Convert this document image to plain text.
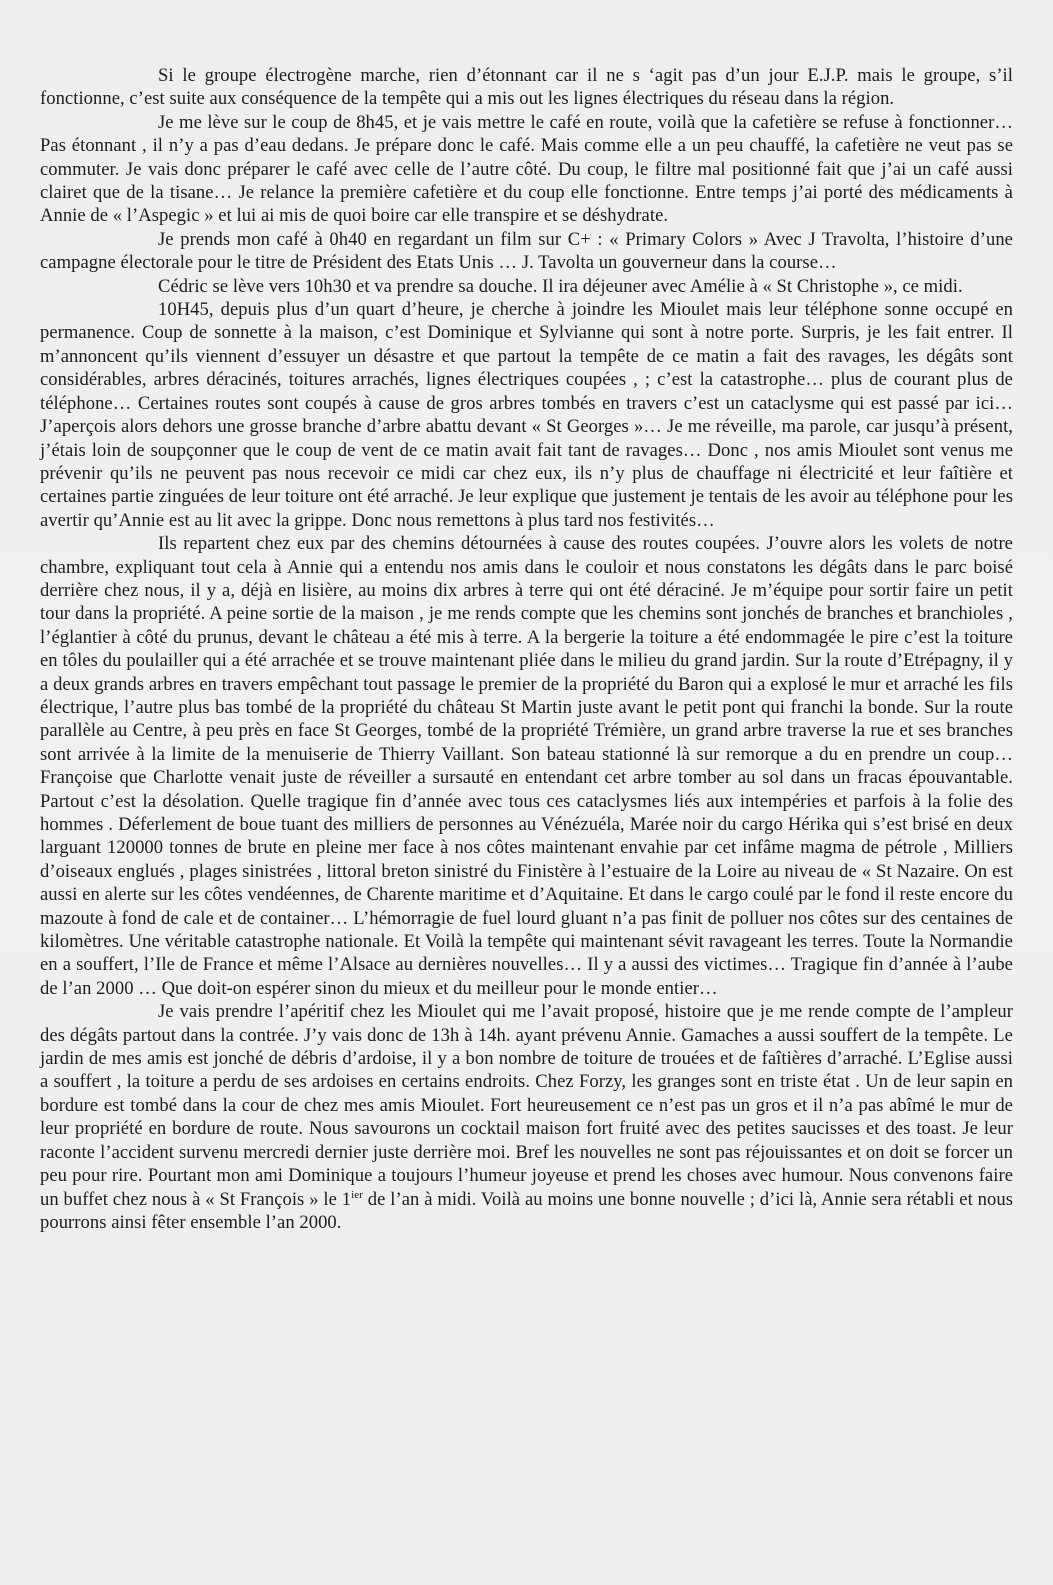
Si le groupe électrogène marche, rien d’étonnant car il ne s ‘agit pas d’un jour E.J.P. mais le groupe, s’il fonctionne, c’est suite aux conséquence de la tempête qui a mis out les lignes électriques du réseau dans la région.

Je me lève sur le coup de 8h45, et je vais mettre le café en route, voilà que la cafetière se refuse à fonctionner… Pas étonnant , il n’y a pas d’eau dedans. Je prépare donc le café. Mais comme elle a un peu chauffé, la cafetière ne veut pas se commuter. Je vais donc préparer le café avec celle de l’autre côté. Du coup, le filtre mal positionné fait que j’ai un café aussi clairet que de la tisane… Je relance la première cafetière et du coup elle fonctionne. Entre temps j’ai porté des médicaments à Annie de « l’Aspegic » et lui ai mis de quoi boire car elle transpire et se déshydrate.

Je prends mon café à 0h40 en regardant un film sur C+ : « Primary Colors » Avec J Travolta, l’histoire d’une campagne électorale pour le titre de Président des Etats Unis … J. Tavolta un gouverneur dans la course…

Cédric se lève vers 10h30 et va prendre sa douche. Il ira déjeuner avec Amélie à « St Christophe », ce midi.

10H45, depuis plus d’un quart d’heure, je cherche à joindre les Mioulet mais leur téléphone sonne occupé en permanence. Coup de sonnette à la maison, c’est Dominique et Sylvianne qui sont à notre porte. Surpris, je les fait entrer. Il m’annoncent qu’ils viennent d’essuyer un désastre et que partout la tempête de ce matin a fait des ravages, les dégâts sont considérables, arbres déracinés, toitures arrachés, lignes électriques coupées , ; c’est la catastrophe… plus de courant plus de téléphone… Certaines routes sont coupés à cause de gros arbres tombés en travers c’est un cataclysme qui est passé par ici… J’aperçois alors dehors une grosse branche d’arbre abattu devant « St Georges »… Je me réveille, ma parole, car jusqu’à présent, j’étais loin de soupçonner que le coup de vent de ce matin avait fait tant de ravages… Donc , nos amis Mioulet sont venus me prévenir qu’ils ne peuvent pas nous recevoir ce midi car chez eux, ils n’y plus de chauffage ni électricité et leur faîtière et certaines partie zinguées de leur toiture ont été arraché. Je leur explique que justement je tentais de les avoir au téléphone pour les avertir qu’Annie est au lit avec la grippe. Donc nous remettons à plus tard nos festivités…

Ils repartent chez eux par des chemins détournées à cause des routes coupées. J’ouvre alors les volets de notre chambre, expliquant tout cela à Annie qui a entendu nos amis dans le couloir et nous constatons les dégâts dans le parc boisé derrière chez nous, il y a, déjà en lisière, au moins dix arbres à terre qui ont été déraciné. Je m’équipe pour sortir faire un petit tour dans la propriété. A peine sortie de la maison , je me rends compte que les chemins sont jonchés de branches et branchioles , l’églantier à côté du prunus, devant le château a été mis à terre. A la bergerie la toiture a été endommagée le pire c’est la toiture en tôles du poulailler qui a été arrachée et se trouve maintenant pliée dans le milieu du grand jardin. Sur la route d’Etrépagny, il y a deux grands arbres en travers empêchant tout passage le premier de la propriété du Baron qui a explosé le mur et arraché les fils électrique, l’autre plus bas tombé de la propriété du château St Martin juste avant le petit pont qui franchi la bonde. Sur la route parallèle au Centre, à peu près en face St Georges, tombé de la propriété Trémière, un grand arbre traverse la rue et ses branches sont arrivée à la limite de la menuiserie de Thierry Vaillant. Son bateau stationné là sur remorque a du en prendre un coup… Françoise que Charlotte venait juste de réveiller a sursauté en entendant cet arbre tomber au sol dans un fracas épouvantable. Partout c’est la désolation. Quelle tragique fin d’année avec tous ces cataclysmes liés aux intempéries et parfois à la folie des hommes . Déferlement de boue tuant des milliers de personnes au Vénézuéla, Marée noir du cargo Hérika qui s’est brisé en deux larguant 120000 tonnes de brute en pleine mer face à nos côtes maintenant envahie par cet infâme magma de pétrole , Milliers d’oiseaux englués , plages sinistrées , littoral breton sinistré du Finistère à l’estuaire de la Loire au niveau de « St Nazaire. On est aussi en alerte sur les côtes vendéennes, de Charente maritime et d’Aquitaine. Et dans le cargo coulé par le fond il reste encore du mazoute à fond de cale et de container… L’hémorragie de fuel lourd gluant n’a pas finit de polluer nos côtes sur des centaines de kilomètres. Une véritable catastrophe nationale. Et Voilà la tempête qui maintenant sévit ravageant les terres. Toute la Normandie en a souffert, l’Ile de France et même l’Alsace au dernières nouvelles… Il y a aussi des victimes… Tragique fin d’année à l’aube de l’an 2000 … Que doit-on espérer sinon du mieux et du meilleur pour le monde entier…

Je vais prendre l’apéritif chez les Mioulet qui me l’avait proposé, histoire que je me rende compte de l’ampleur des dégâts partout dans la contrée. J’y vais donc de 13h à 14h. ayant prévenu Annie. Gamaches a aussi souffert de la tempête. Le jardin de mes amis est jonché de débris d’ardoise, il y a bon nombre de toiture de trouées et de faîtières d’arraché. L’Eglise aussi a souffert , la toiture a perdu de ses ardoises en certains endroits. Chez Forzy, les granges sont en triste état . Un de leur sapin en bordure est tombé dans la cour de chez mes amis Mioulet. Fort heureusement ce n’est pas un gros et il n’a pas abîmé le mur de leur propriété en bordure de route. Nous savourons un cocktail maison fort fruité avec des petites saucisses et des toast. Je leur raconte l’accident survenu mercredi dernier juste derrière moi. Bref les nouvelles ne sont pas réjouissantes et on doit se forcer un peu pour rire. Pourtant mon ami Dominique a toujours l’humeur joyeuse et prend les choses avec humour. Nous convenons faire un buffet chez nous à « St François » le $1^{ier}$ de l’an à midi. Voilà au moins une bonne nouvelle ; d’ici là, Annie sera rétabli et nous pourrons ainsi fêter ensemble l’an 2000.
